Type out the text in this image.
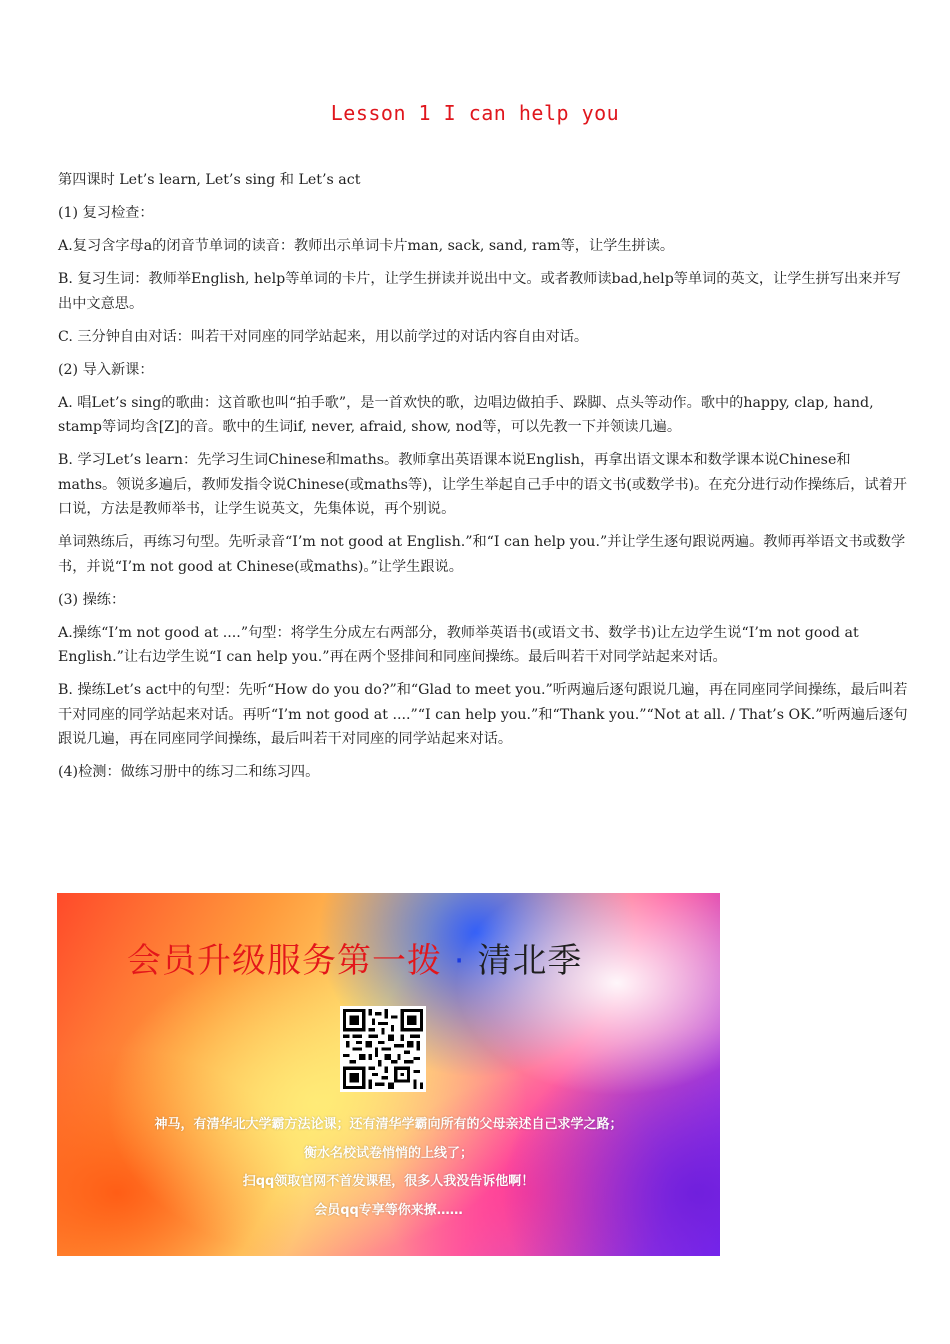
Lesson 1 I can help you

第四课时 Let’s learn, Let’s sing 和 Let’s act

(1) 复习检查：

A.复习含字母a的闭音节单词的读音：教师出示单词卡片man, sack, sand, ram等，让学生拼读。

B. 复习生词：教师举English, help等单词的卡片，让学生拼读并说出中文。或者教师读bad,help等单词的英文，让学生拼写出来并写出中文意思。

C. 三分钟自由对话：叫若干对同座的同学站起来，用以前学过的对话内容自由对话。

(2) 导入新课：

A. 唱Let’s sing的歌曲：这首歌也叫“拍手歌”，是一首欢快的歌，边唱边做拍手、跺脚、点头等动作。歌中的happy, clap, hand, stamp等词均含[Z]的音。歌中的生词if, never, afraid, show, nod等，可以先教一下并领读几遍。

B. 学习Let’s learn：先学习生词Chinese和maths。教师拿出英语课本说English，再拿出语文课本和数学课本说Chinese和maths。领说多遍后，教师发指令说Chinese(或maths等)，让学生举起自己手中的语文书(或数学书)。在充分进行动作操练后，试着开口说，方法是教师举书，让学生说英文，先集体说，再个别说。

单词熟练后，再练习句型。先听录音“I’m not good at English.”和“I can help you.”并让学生逐句跟说两遍。教师再举语文书或数学书，并说“I’m not good at Chinese(或maths)。”让学生跟说。

(3) 操练：

A.操练“I’m not good at ....”句型：将学生分成左右两部分，教师举英语书(或语文书、数学书)让左边学生说“I’m not good at English.”让右边学生说“I can help you.”再在两个竖排间和同座间操练。最后叫若干对同学站起来对话。

B. 操练Let’s act中的句型：先听“How do you do?”和“Glad to meet you.”听两遍后逐句跟说几遍，再在同座同学间操练，最后叫若干对同座的同学站起来对话。再听“I’m not good at ....”“I can help you.”和“Thank you.”“Not at all. / That’s OK.”听两遍后逐句跟说几遍，再在同座同学间操练，最后叫若干对同座的同学站起来对话。

(4)检测：做练习册中的练习二和练习四。

会员升级服务第一拨 · 清北季
神马，有清华北大学霸方法论课；还有清华学霸向所有的父母亲述自己求学之路；
衡水名校试卷悄悄的上线了；
扫qq领取官网不首发课程，很多人我没告诉他啊！
会员qq专享等你来撩……
